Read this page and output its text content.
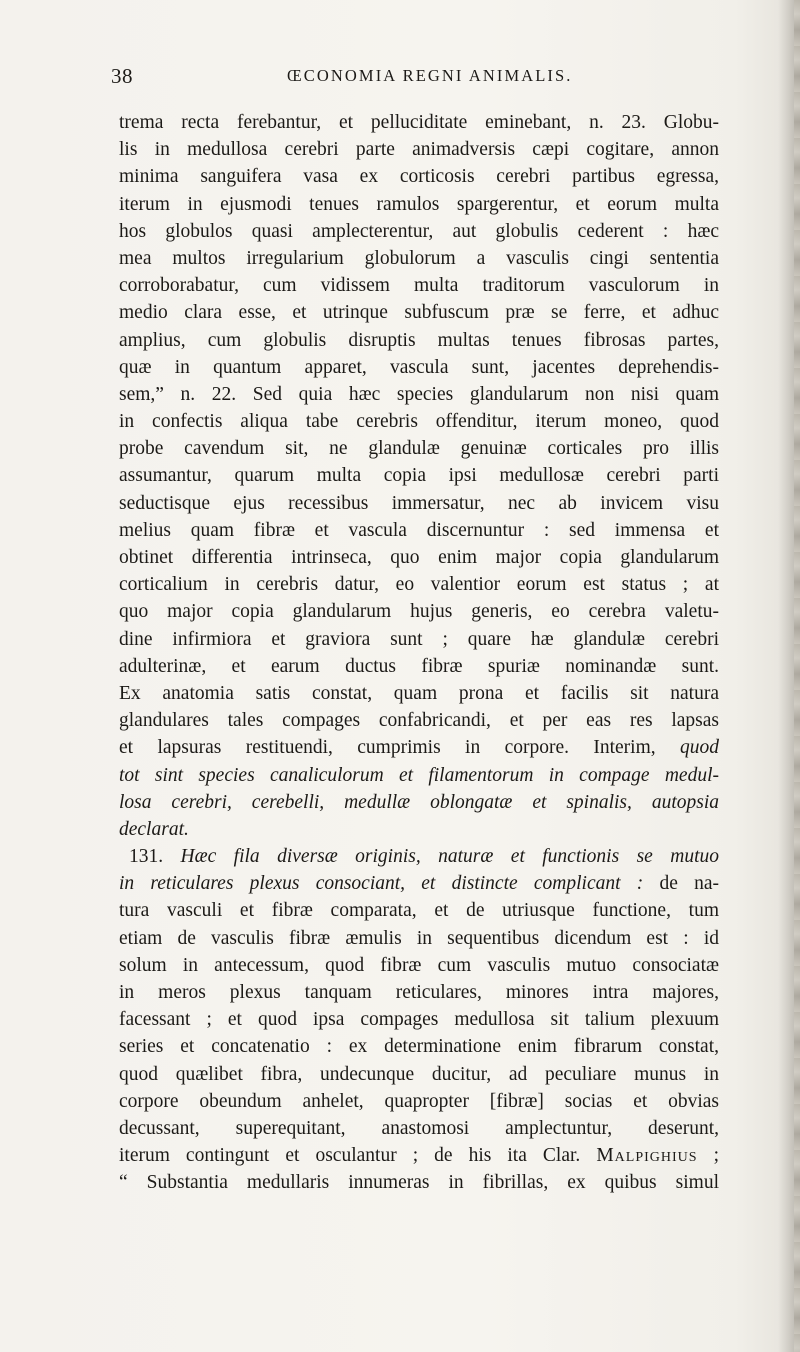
38	ŒCONOMIA REGNI ANIMALIS.
trema recta ferebantur, et pelluciditate eminebant, n. 23. Globu-
lis in medullosa cerebri parte animadversis cæpi cogitare, annon
minima sanguifera vasa ex corticosis cerebri partibus egressa,
iterum in ejusmodi tenues ramulos spargerentur, et eorum multa
hos globulos quasi amplecterentur, aut globulis cederent : hæc
mea multos irregularium globulorum a vasculis cingi sententia
corroborabatur, cum vidissem multa traditorum vasculorum in
medio clara esse, et utrinque subfuscum præ se ferre, et adhuc
amplius, cum globulis disruptis multas tenues fibrosas partes,
quæ in quantum apparet, vascula sunt, jacentes deprehendis-
sem,” n. 22. Sed quia hæc species glandularum non nisi quam
in confectis aliqua tabe cerebris offenditur, iterum moneo, quod
probe cavendum sit, ne glandulæ genuinæ corticales pro illis
assumantur, quarum multa copia ipsi medullosæ cerebri parti
seductisque ejus recessibus immersatur, nec ab invicem visu
melius quam fibræ et vascula discernuntur : sed immensa et
obtinet differentia intrinseca, quo enim major copia glandularum
corticalium in cerebris datur, eo valentior eorum est status ; at
quo major copia glandularum hujus generis, eo cerebra valetu-
dine infirmiora et graviora sunt ; quare hæ glandulæ cerebri
adulterinæ, et earum ductus fibræ spuriæ nominandæ sunt.
Ex anatomia satis constat, quam prona et facilis sit natura
glandulares tales compages confabricandi, et per eas res lapsas
et lapsuras restituendi, cumprimis in corpore. Interim, quod
tot sint species canaliculorum et filamentorum in compage medul-
losa cerebri, cerebelli, medullæ oblongatæ et spinalis, autopsia
declarat.
131. Hæc fila diversæ originis, naturæ et functionis se mutuo
in reticulares plexus consociant, et distincte complicant : de na-
tura vasculi et fibræ comparata, et de utriusque functione, tum
etiam de vasculis fibræ æmulis in sequentibus dicendum est : id
solum in antecessum, quod fibræ cum vasculis mutuo consociatæ
in meros plexus tanquam reticulares, minores intra majores,
facessant ; et quod ipsa compages medullosa sit talium plexuum
series et concatenatio : ex determinatione enim fibrarum constat,
quod quælibet fibra, undecunque ducitur, ad peculiare munus in
corpore obeundum anhelet, quapropter [fibræ] socias et obvias
decussant, superequitant, anastomosi amplectuntur, deserunt,
iterum contingunt et osculantur ; de his ita Clar. Malpighius ;
“ Substantia medullaris innumeras in fibrillas, ex quibus simul
